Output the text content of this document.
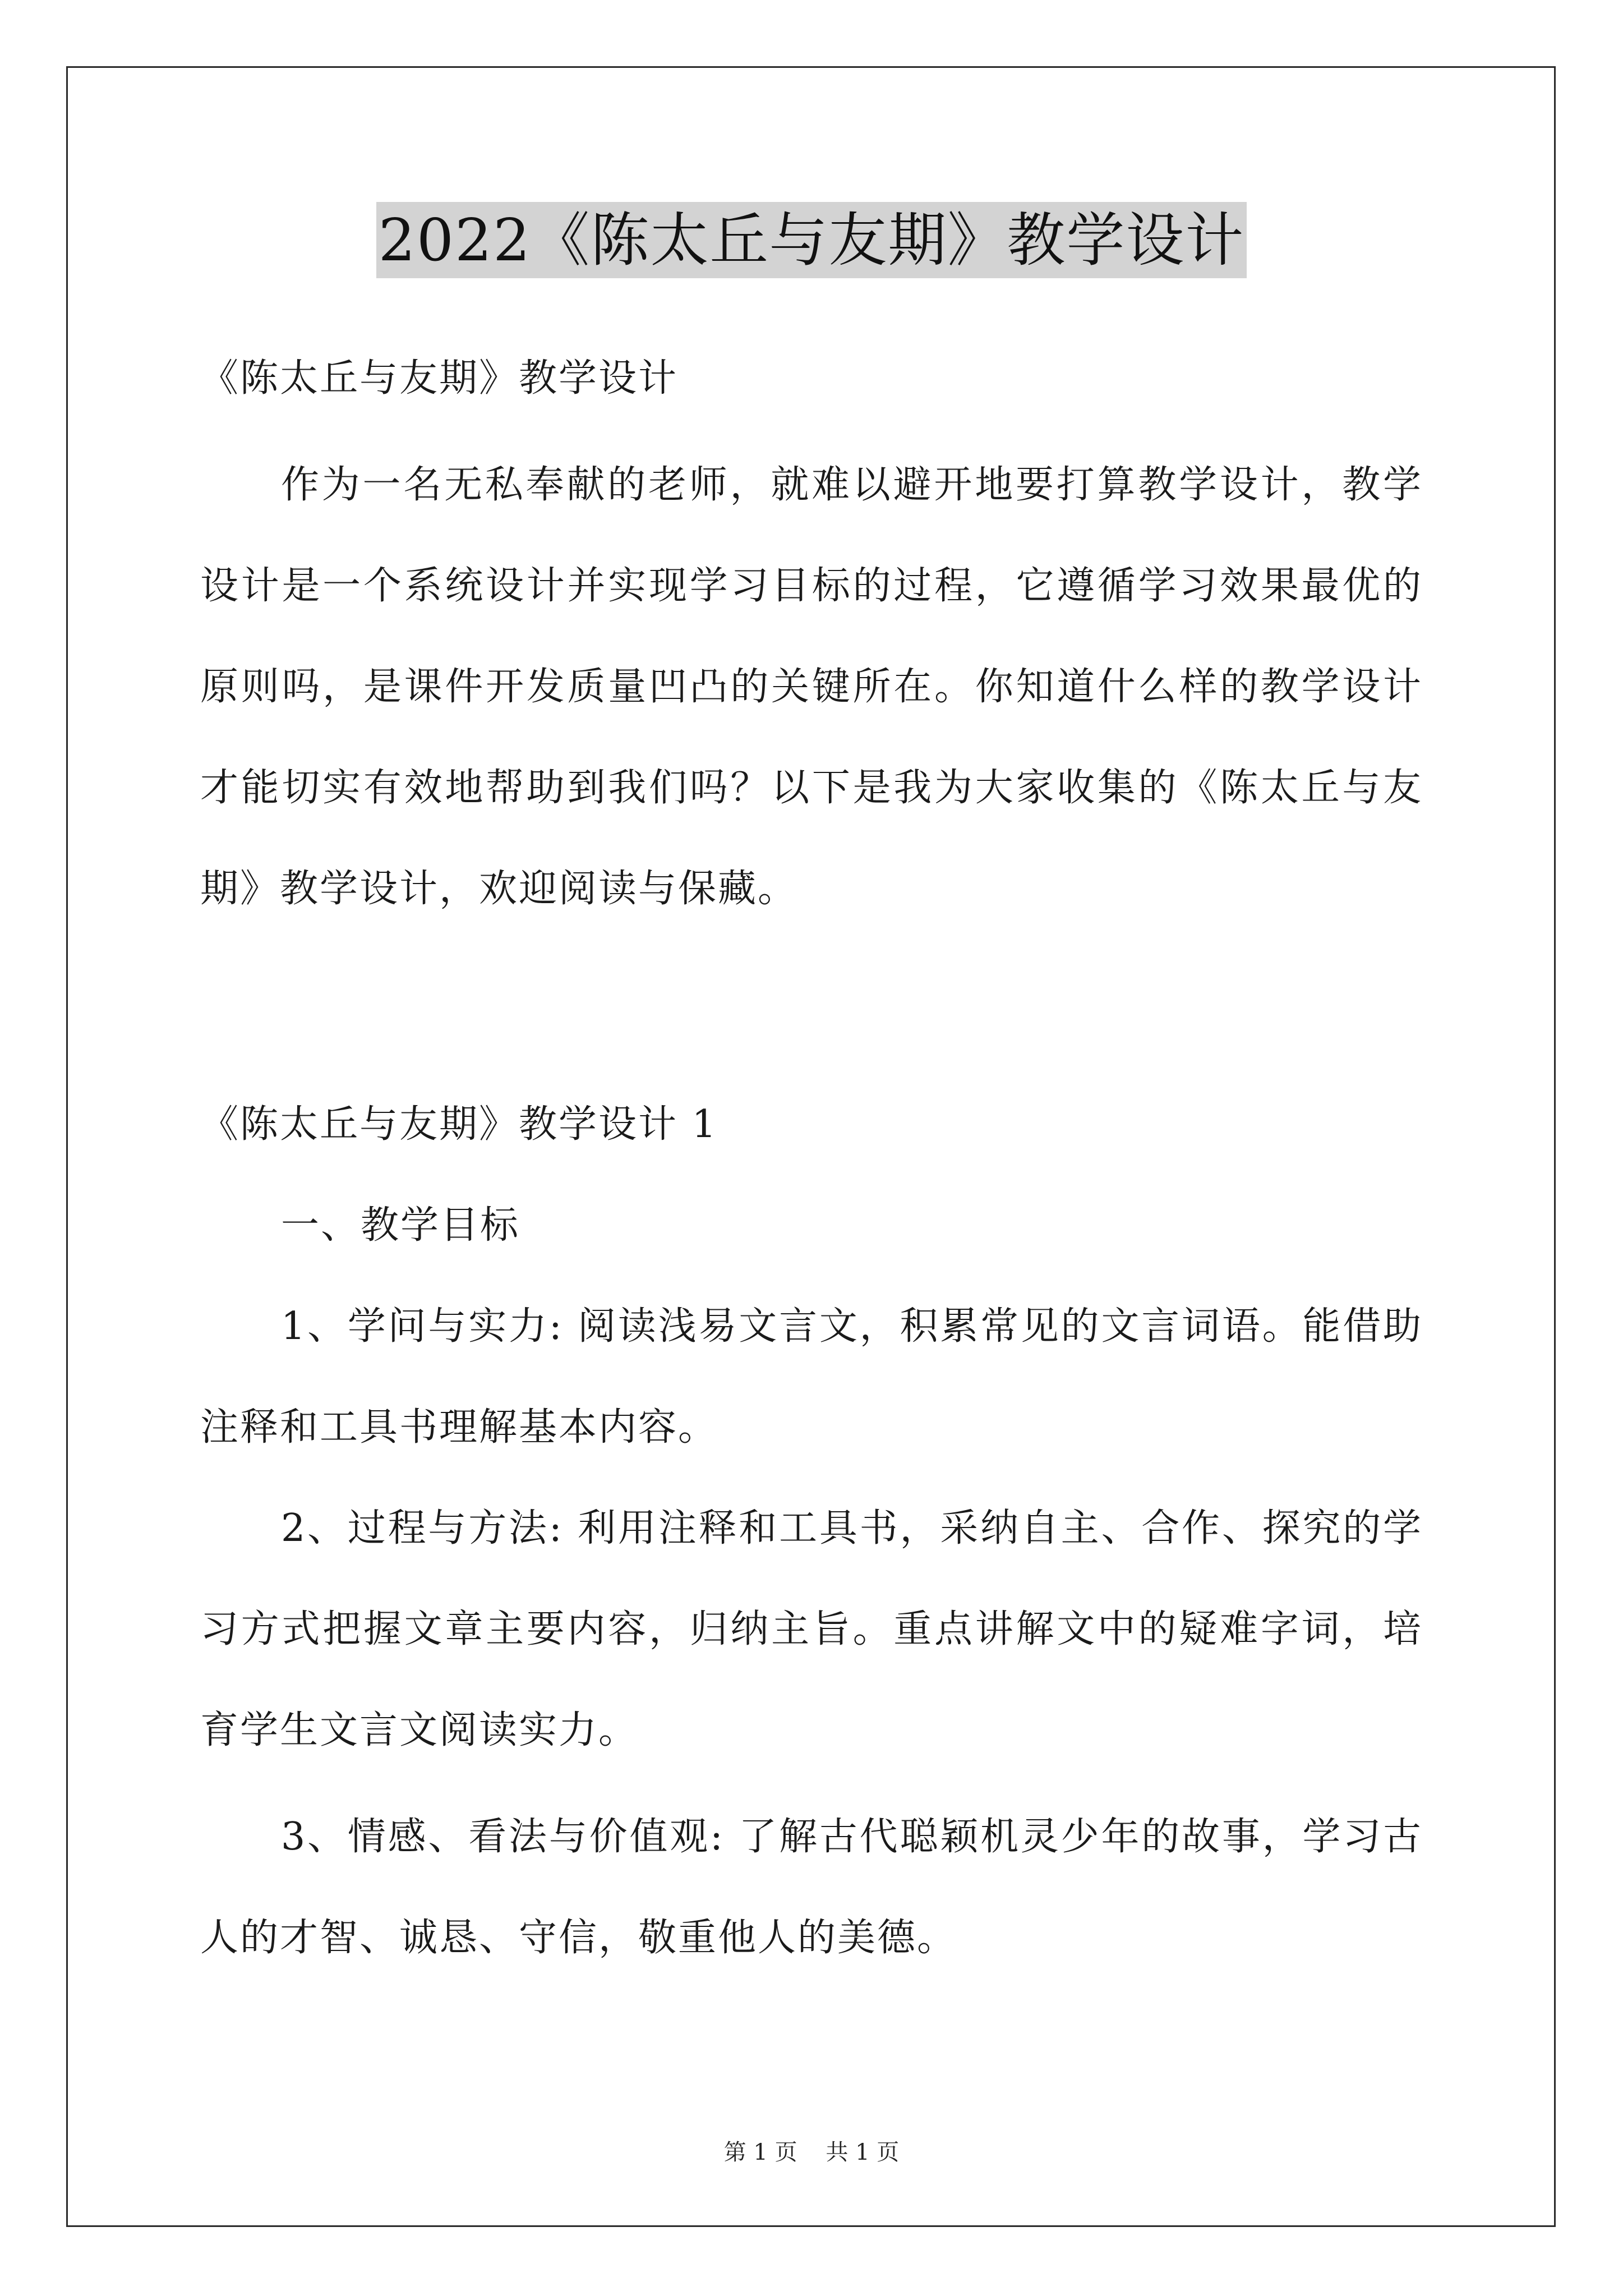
2022《陈太丘与友期》教学设计
《陈太丘与友期》教学设计
作为一名无私奉献的老师，就难以避开地要打算教学设计，教学
设计是一个系统设计并实现学习目标的过程，它遵循学习效果最优的
原则吗，是课件开发质量凹凸的关键所在。你知道什么样的教学设计
才能切实有效地帮助到我们吗？以下是我为大家收集的《陈太丘与友
期》教学设计，欢迎阅读与保藏。
《陈太丘与友期》教学设计 1
一、教学目标
1、学问与实力: 阅读浅易文言文，积累常见的文言词语。能借助
注释和工具书理解基本内容。
2、过程与方法: 利用注释和工具书，采纳自主、合作、探究的学
习方式把握文章主要内容，归纳主旨。重点讲解文中的疑难字词，培
育学生文言文阅读实力。
3、情感、看法与价值观: 了解古代聪颖机灵少年的故事，学习古
人的才智、诚恳、守信，敬重他人的美德。
第 1 页    共 1 页
